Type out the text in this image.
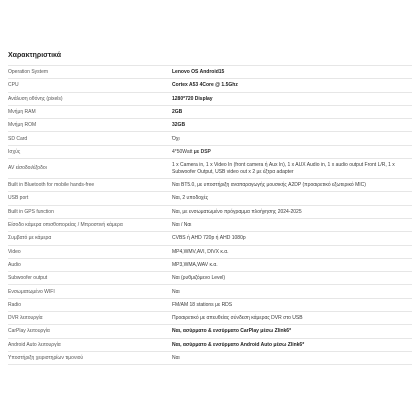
Χαρακτηριστικά
Operation System	Lenovo OS Android15
CPU	Cortex A53 4Core @ 1.5Ghz
Ανάλυση οθόνης (pixels)	1280*720 Display
Μνήμη RAM	2GB
Μνήμη ROM	32GB
SD Card	Όχι
Ισχύς	4*50Watt με DSP
AV είσοδοι/έξοδοι	1 x Camera in, 1 x Video In (front camera ή Aux In), 1 x AUX Audio in, 1 x audio output Front L/R, 1 x Subwoofer Output, USB video out x 2 με έξτρα adapter
Built in Bluetooth for mobile hands-free	Ναι BT5.0, με υποστήριξη αναπαραγωγής μουσικής A2DP (προαιρετικό εξωτερικό MIC)
USB port	Ναι, 2 υποδοχές
Built in GPS function	Ναι, με ενσωματωμένο πρόγραμμα πλοήγησης 2024-2025
Είσοδο κάμερα οπισθοπορείας / Μπροστινή κάμερα	Ναι / Ναι
Συμβατό με κάμερα	CVBS ή AHD 720p ή AHD 1080p
Video	MP4,WMV,AVI, DIVX κ.α.
Audio	MP3,WMA,WAV κ.α.
Subwoofer output	Ναι (ρυθμιζόμενο Level)
Ενσωματωμένο WIFI	Ναι
Radio	FM/AM 18 stations με RDS
DVR λειτουργία	Προαιρετικό με απευθείας σύνδεση κάμερας DVR στο USB
CarPlay λειτουργία	Ναι, ασύρματο & ενσύρματο CarPlay μέσω Zlink6*
Android Auto λειτουργία	Ναι, ασύρματο & ενσύρματο Android Auto μέσω Zlink6*
Υποστήριξη χειριστηρίων τιμονιού	Ναι
